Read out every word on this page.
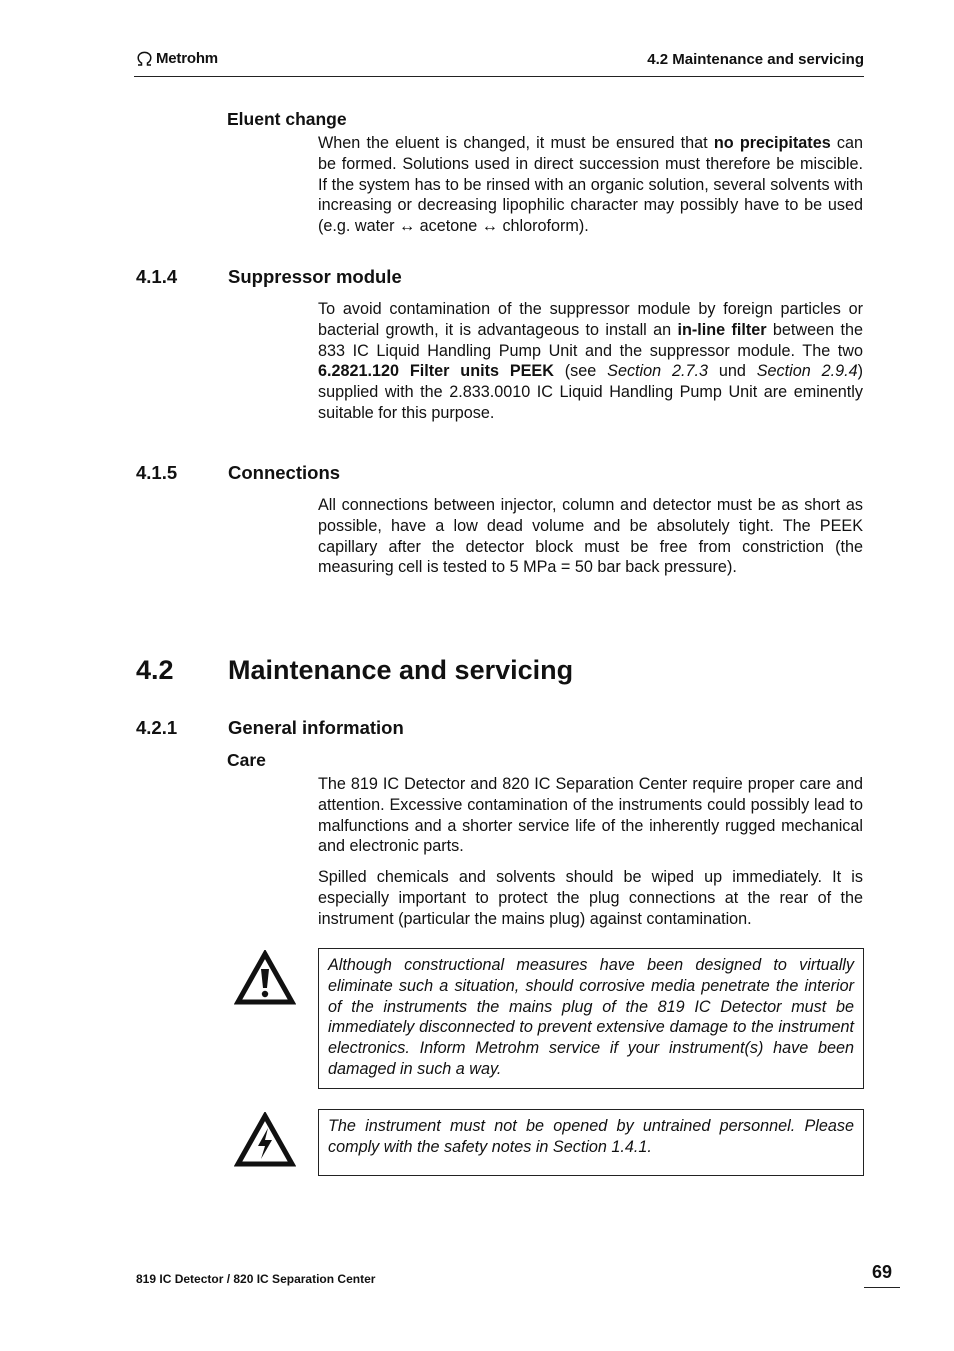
Metrohm	4.2 Maintenance and servicing
Eluent change

When the eluent is changed, it must be ensured that no precipitates can be formed. Solutions used in direct succession must therefore be miscible. If the system has to be rinsed with an organic solution, several solvents with increasing or decreasing lipophilic character may possibly have to be used (e.g. water ↔ acetone ↔ chloroform).

4.1.4	Suppressor module

To avoid contamination of the suppressor module by foreign particles or bacterial growth, it is advantageous to install an in-line filter between the 833 IC Liquid Handling Pump Unit and the suppressor module. The two 6.2821.120 Filter units PEEK (see Section 2.7.3 und Section 2.9.4) supplied with the 2.833.0010 IC Liquid Handling Pump Unit are eminently suitable for this purpose.

4.1.5	Connections

All connections between injector, column and detector must be as short as possible, have a low dead volume and be absolutely tight. The PEEK capillary after the detector block must be free from constriction (the measuring cell is tested to 5 MPa = 50 bar back pressure).

4.2 Maintenance and servicing
4.2.1	General information
Care

The 819 IC Detector and 820 IC Separation Center require proper care and attention. Excessive contamination of the instruments could possibly lead to malfunctions and a shorter service life of the inherently rugged mechanical and electronic parts.

Spilled chemicals and solvents should be wiped up immediately. It is especially important to protect the plug connections at the rear of the instrument (particular the mains plug) against contamination.

Although constructional measures have been designed to virtually eliminate such a situation, should corrosive media penetrate the interior of the instruments the mains plug of the 819 IC Detector must be immediately disconnected to prevent extensive damage to the instrument electronics. Inform Metrohm service if your instrument(s) have been damaged in such a way.
The instrument must not be opened by untrained personnel. Please comply with the safety notes in Section 1.4.1.
819 IC Detector / 820 IC Separation Center	69
